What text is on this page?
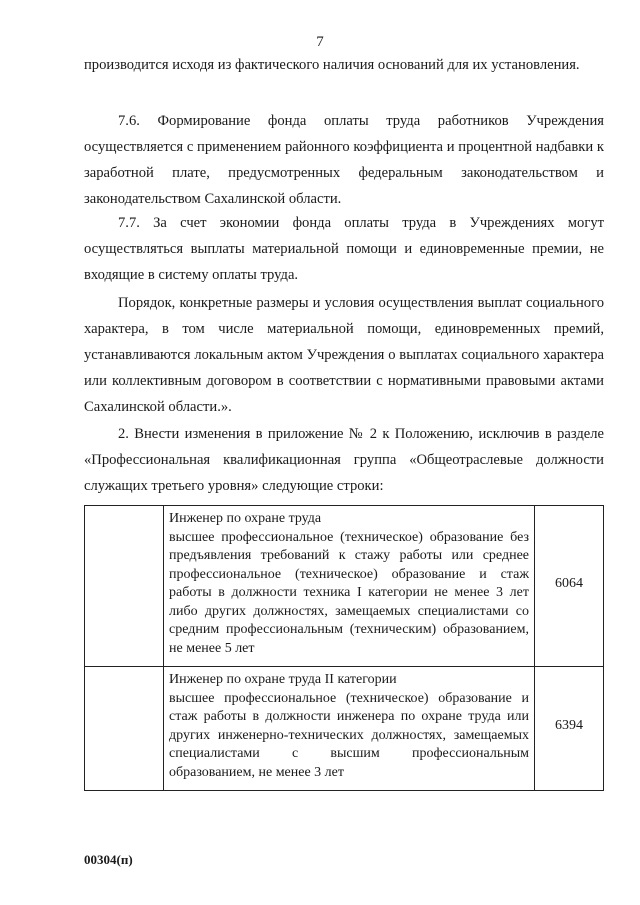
7

производится исходя из фактического наличия оснований для их установления.

7.6. Формирование фонда оплаты труда работников Учреждения осуществляется с применением районного коэффициента и процентной надбавки к заработной плате, предусмотренных федеральным законодательством и законодательством Сахалинской области.

7.7. За счет экономии фонда оплаты труда в Учреждениях могут осуществляться выплаты материальной помощи и единовременные премии, не входящие в систему оплаты труда.

Порядок, конкретные размеры и условия осуществления выплат социального характера, в том числе материальной помощи, единовременных премий, устанавливаются локальным актом Учреждения о выплатах социального характера или коллективным договором в соответствии с нормативными правовыми актами Сахалинской области.».

2. Внести изменения в приложение № 2 к Положению, исключив в разделе «Профессиональная квалификационная группа «Общеотраслевые должности служащих третьего уровня» следующие строки:

	Инженер по охране труда
высшее профессиональное (техническое) образование без предъявления требований к стажу работы или среднее профессиональное (техническое) образование и стаж работы в должности техника I категории не менее 3 лет либо других должностях, замещаемых специалистами со средним профессиональным (техническим) образованием, не менее 5 лет	6064

	Инженер по охране труда II категории
высшее профессиональное (техническое) образование и стаж работы в должности инженера по охране труда или других инженерно-технических должностях, замещаемых специалистами с высшим профессиональным образованием, не менее 3 лет	6394
00304(п)
